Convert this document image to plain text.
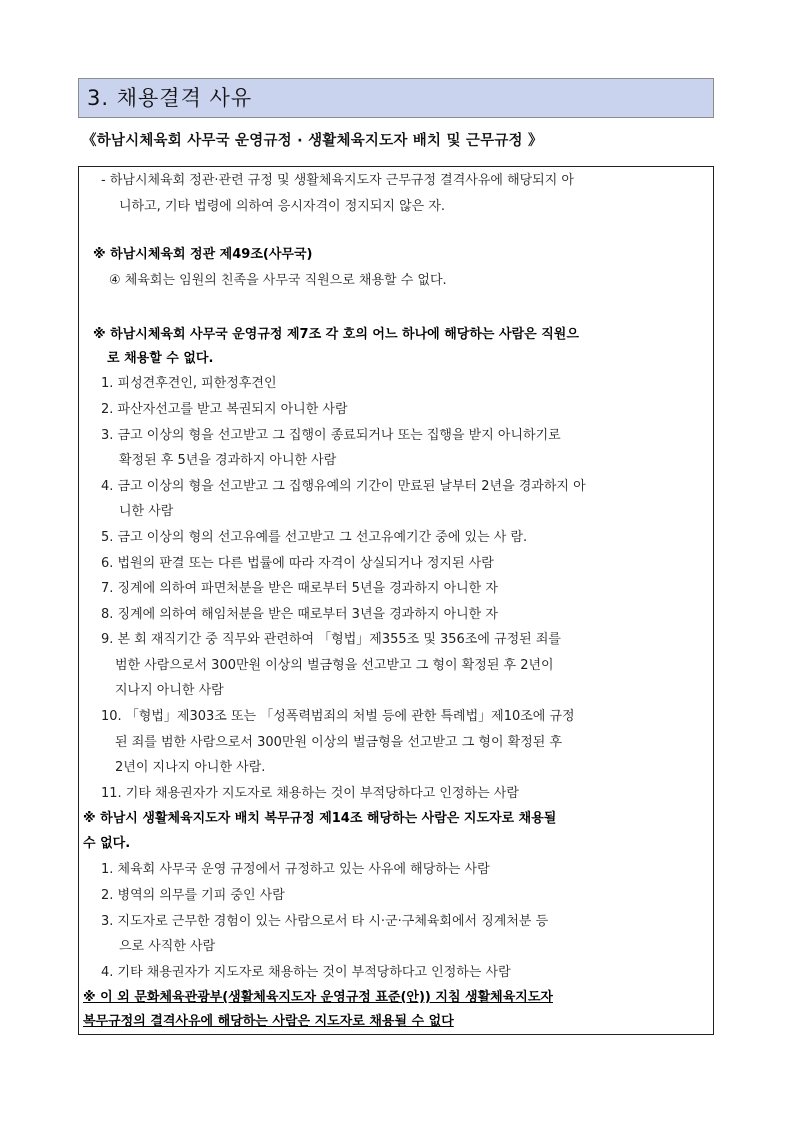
3. 채용결격 사유
《하남시체육회 사무국 운영규정 · 생활체육지도자 배치 및 근무규정 》
- 하남시체육회 정관·관련 규정 및 생활체육지도자 근무규정 결격사유에 해당되지 아
니하고, 기타 법령에 의하여 응시자격이 정지되지 않은 자.
※ 하남시체육회 정관 제49조(사무국)
④ 체육회는 임원의 친족을 사무국 직원으로 채용할 수 없다.
※ 하남시체육회 사무국 운영규정 제7조 각 호의 어느 하나에 해당하는 사람은 직원으
로 채용할 수 없다.
1. 피성견후견인, 피한정후견인
2. 파산자선고를 받고 복권되지 아니한 사람
3. 금고 이상의 형을 선고받고 그 집행이 종료되거나 또는 집행을 받지 아니하기로
확정된 후 5년을 경과하지 아니한 사람
4. 금고 이상의 형을 선고받고 그 집행유예의 기간이 만료된 날부터 2년을 경과하지 아
니한 사람
5. 금고 이상의 형의 선고유예를 선고받고 그 선고유예기간 중에 있는 사 람.
6. 법원의 판결 또는 다른 법률에 따라 자격이 상실되거나 정지된 사람
7. 징계에 의하여 파면처분을 받은 때로부터 5년을 경과하지 아니한 자
8. 징계에 의하여 해임처분을 받은 때로부터 3년을 경과하지 아니한 자
9. 본 회 재직기간 중 직무와 관련하여 「형법」제355조 및 356조에 규정된 죄를
범한 사람으로서 300만원 이상의 벌금형을 선고받고 그 형이 확정된 후 2년이
지나지 아니한 사람
10. 「형법」제303조 또는 「성폭력범죄의 처벌 등에 관한 특례법」제10조에 규정
된 죄를 범한 사람으로서 300만원 이상의 벌금형을 선고받고 그 형이 확정된 후
2년이 지나지 아니한 사람.
11. 기타 채용권자가 지도자로 채용하는 것이 부적당하다고 인정하는 사람
※ 하남시 생활체육지도자 배치 복무규정 제14조 해당하는 사람은 지도자로 채용될
수 없다.
1. 체육회 사무국 운영 규정에서 규정하고 있는 사유에 해당하는 사람
2. 병역의 의무를 기피 중인 사람
3. 지도자로 근무한 경험이 있는 사람으로서 타 시·군·구체육회에서 징계처분 등
으로 사직한 사람
4. 기타 채용권자가 지도자로 채용하는 것이 부적당하다고 인정하는 사람
※ 이 외 문화체육관광부(생활체육지도자 운영규정 표준(안)) 지침 생활체육지도자
복무규정의 결격사유에 해당하는 사람은 지도자로 채용될 수 없다
